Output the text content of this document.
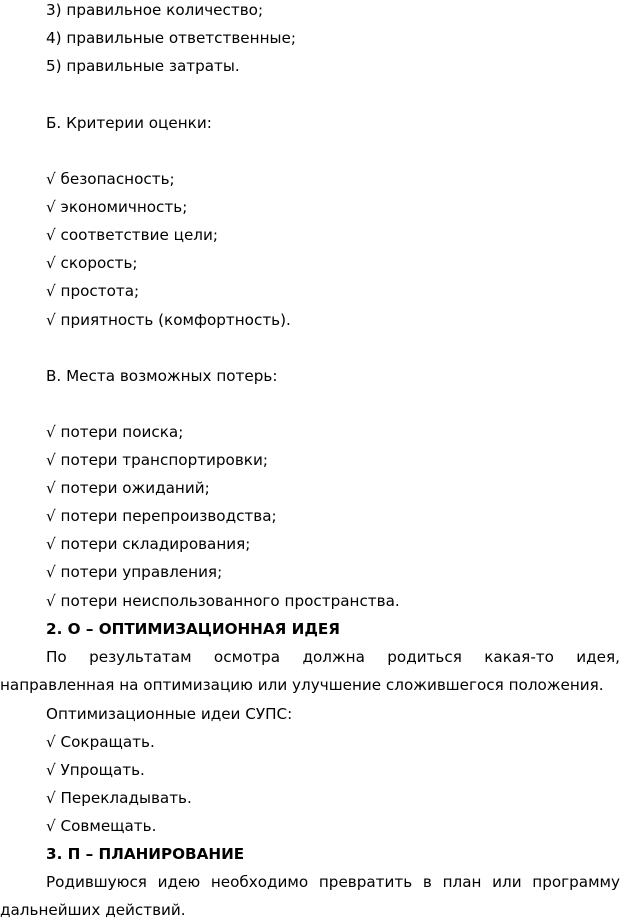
3) правильное количество;
4) правильные ответственные;
5) правильные затраты.
Б. Критерии оценки:
√ безопасность;
√ экономичность;
√ соответствие цели;
√ скорость;
√ простота;
√ приятность (комфортность).
В. Места возможных потерь:
√ потери поиска;
√ потери транспортировки;
√ потери ожиданий;
√ потери перепроизводства;
√ потери складирования;
√ потери управления;
√ потери неиспользованного пространства.
2. О – ОПТИМИЗАЦИОННАЯ ИДЕЯ
По результатам осмотра должна родиться какая-то идея,
направленная на оптимизацию или улучшение сложившегося положения.
Оптимизационные идеи СУПС:
√ Сокращать.
√ Упрощать.
√ Перекладывать.
√ Совмещать.
3. П – ПЛАНИРОВАНИЕ
Родившуюся идею необходимо превратить в план или программу
дальнейших действий.
